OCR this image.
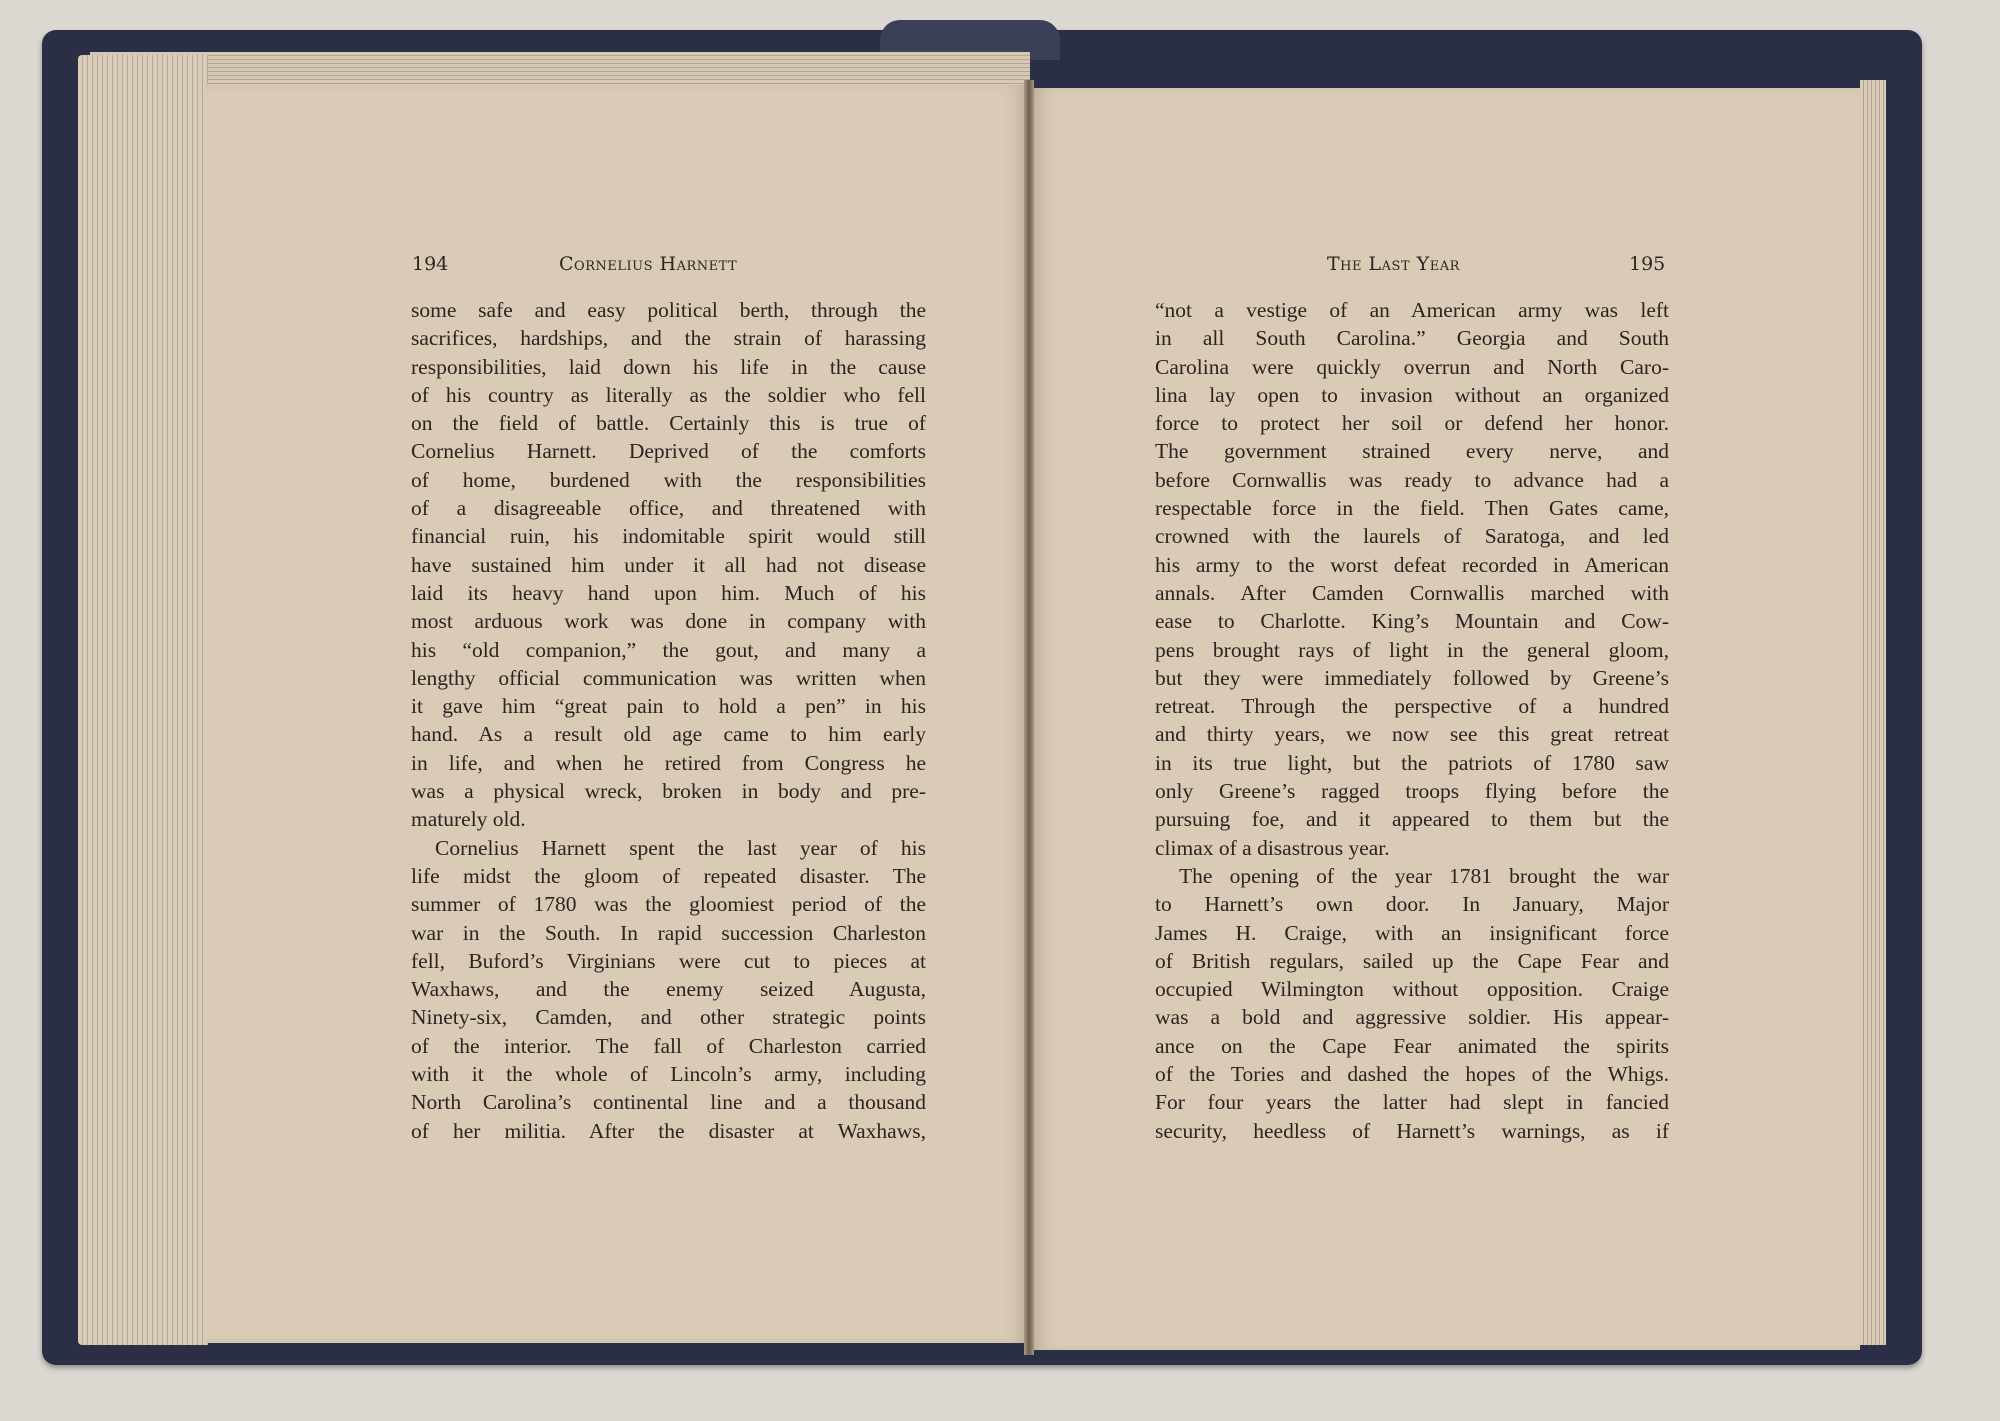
194	Cornelius Harnett
some safe and easy political berth, through the
sacrifices, hardships, and the strain of harassing
responsibilities, laid down his life in the cause
of his country as literally as the soldier who fell
on the field of battle. Certainly this is true of
Cornelius Harnett. Deprived of the comforts
of home, burdened with the responsibilities
of a disagreeable office, and threatened with
financial ruin, his indomitable spirit would still
have sustained him under it all had not disease
laid its heavy hand upon him. Much of his
most arduous work was done in company with
his “old companion,” the gout, and many a
lengthy official communication was written when
it gave him “great pain to hold a pen” in his
hand. As a result old age came to him early
in life, and when he retired from Congress he
was a physical wreck, broken in body and pre-
maturely old.
Cornelius Harnett spent the last year of his
life midst the gloom of repeated disaster. The
summer of 1780 was the gloomiest period of the
war in the South. In rapid succession Charleston
fell, Buford’s Virginians were cut to pieces at
Waxhaws, and the enemy seized Augusta,
Ninety-six, Camden, and other strategic points
of the interior. The fall of Charleston carried
with it the whole of Lincoln’s army, including
North Carolina’s continental line and a thousand
of her militia. After the disaster at Waxhaws,
The Last Year	195
“not a vestige of an American army was left
in all South Carolina.” Georgia and South
Carolina were quickly overrun and North Caro-
lina lay open to invasion without an organized
force to protect her soil or defend her honor.
The government strained every nerve, and
before Cornwallis was ready to advance had a
respectable force in the field. Then Gates came,
crowned with the laurels of Saratoga, and led
his army to the worst defeat recorded in American
annals. After Camden Cornwallis marched with
ease to Charlotte. King’s Mountain and Cow-
pens brought rays of light in the general gloom,
but they were immediately followed by Greene’s
retreat. Through the perspective of a hundred
and thirty years, we now see this great retreat
in its true light, but the patriots of 1780 saw
only Greene’s ragged troops flying before the
pursuing foe, and it appeared to them but the
climax of a disastrous year.
The opening of the year 1781 brought the war
to Harnett’s own door. In January, Major
James H. Craige, with an insignificant force
of British regulars, sailed up the Cape Fear and
occupied Wilmington without opposition. Craige
was a bold and aggressive soldier. His appear-
ance on the Cape Fear animated the spirits
of the Tories and dashed the hopes of the Whigs.
For four years the latter had slept in fancied
security, heedless of Harnett’s warnings, as if
